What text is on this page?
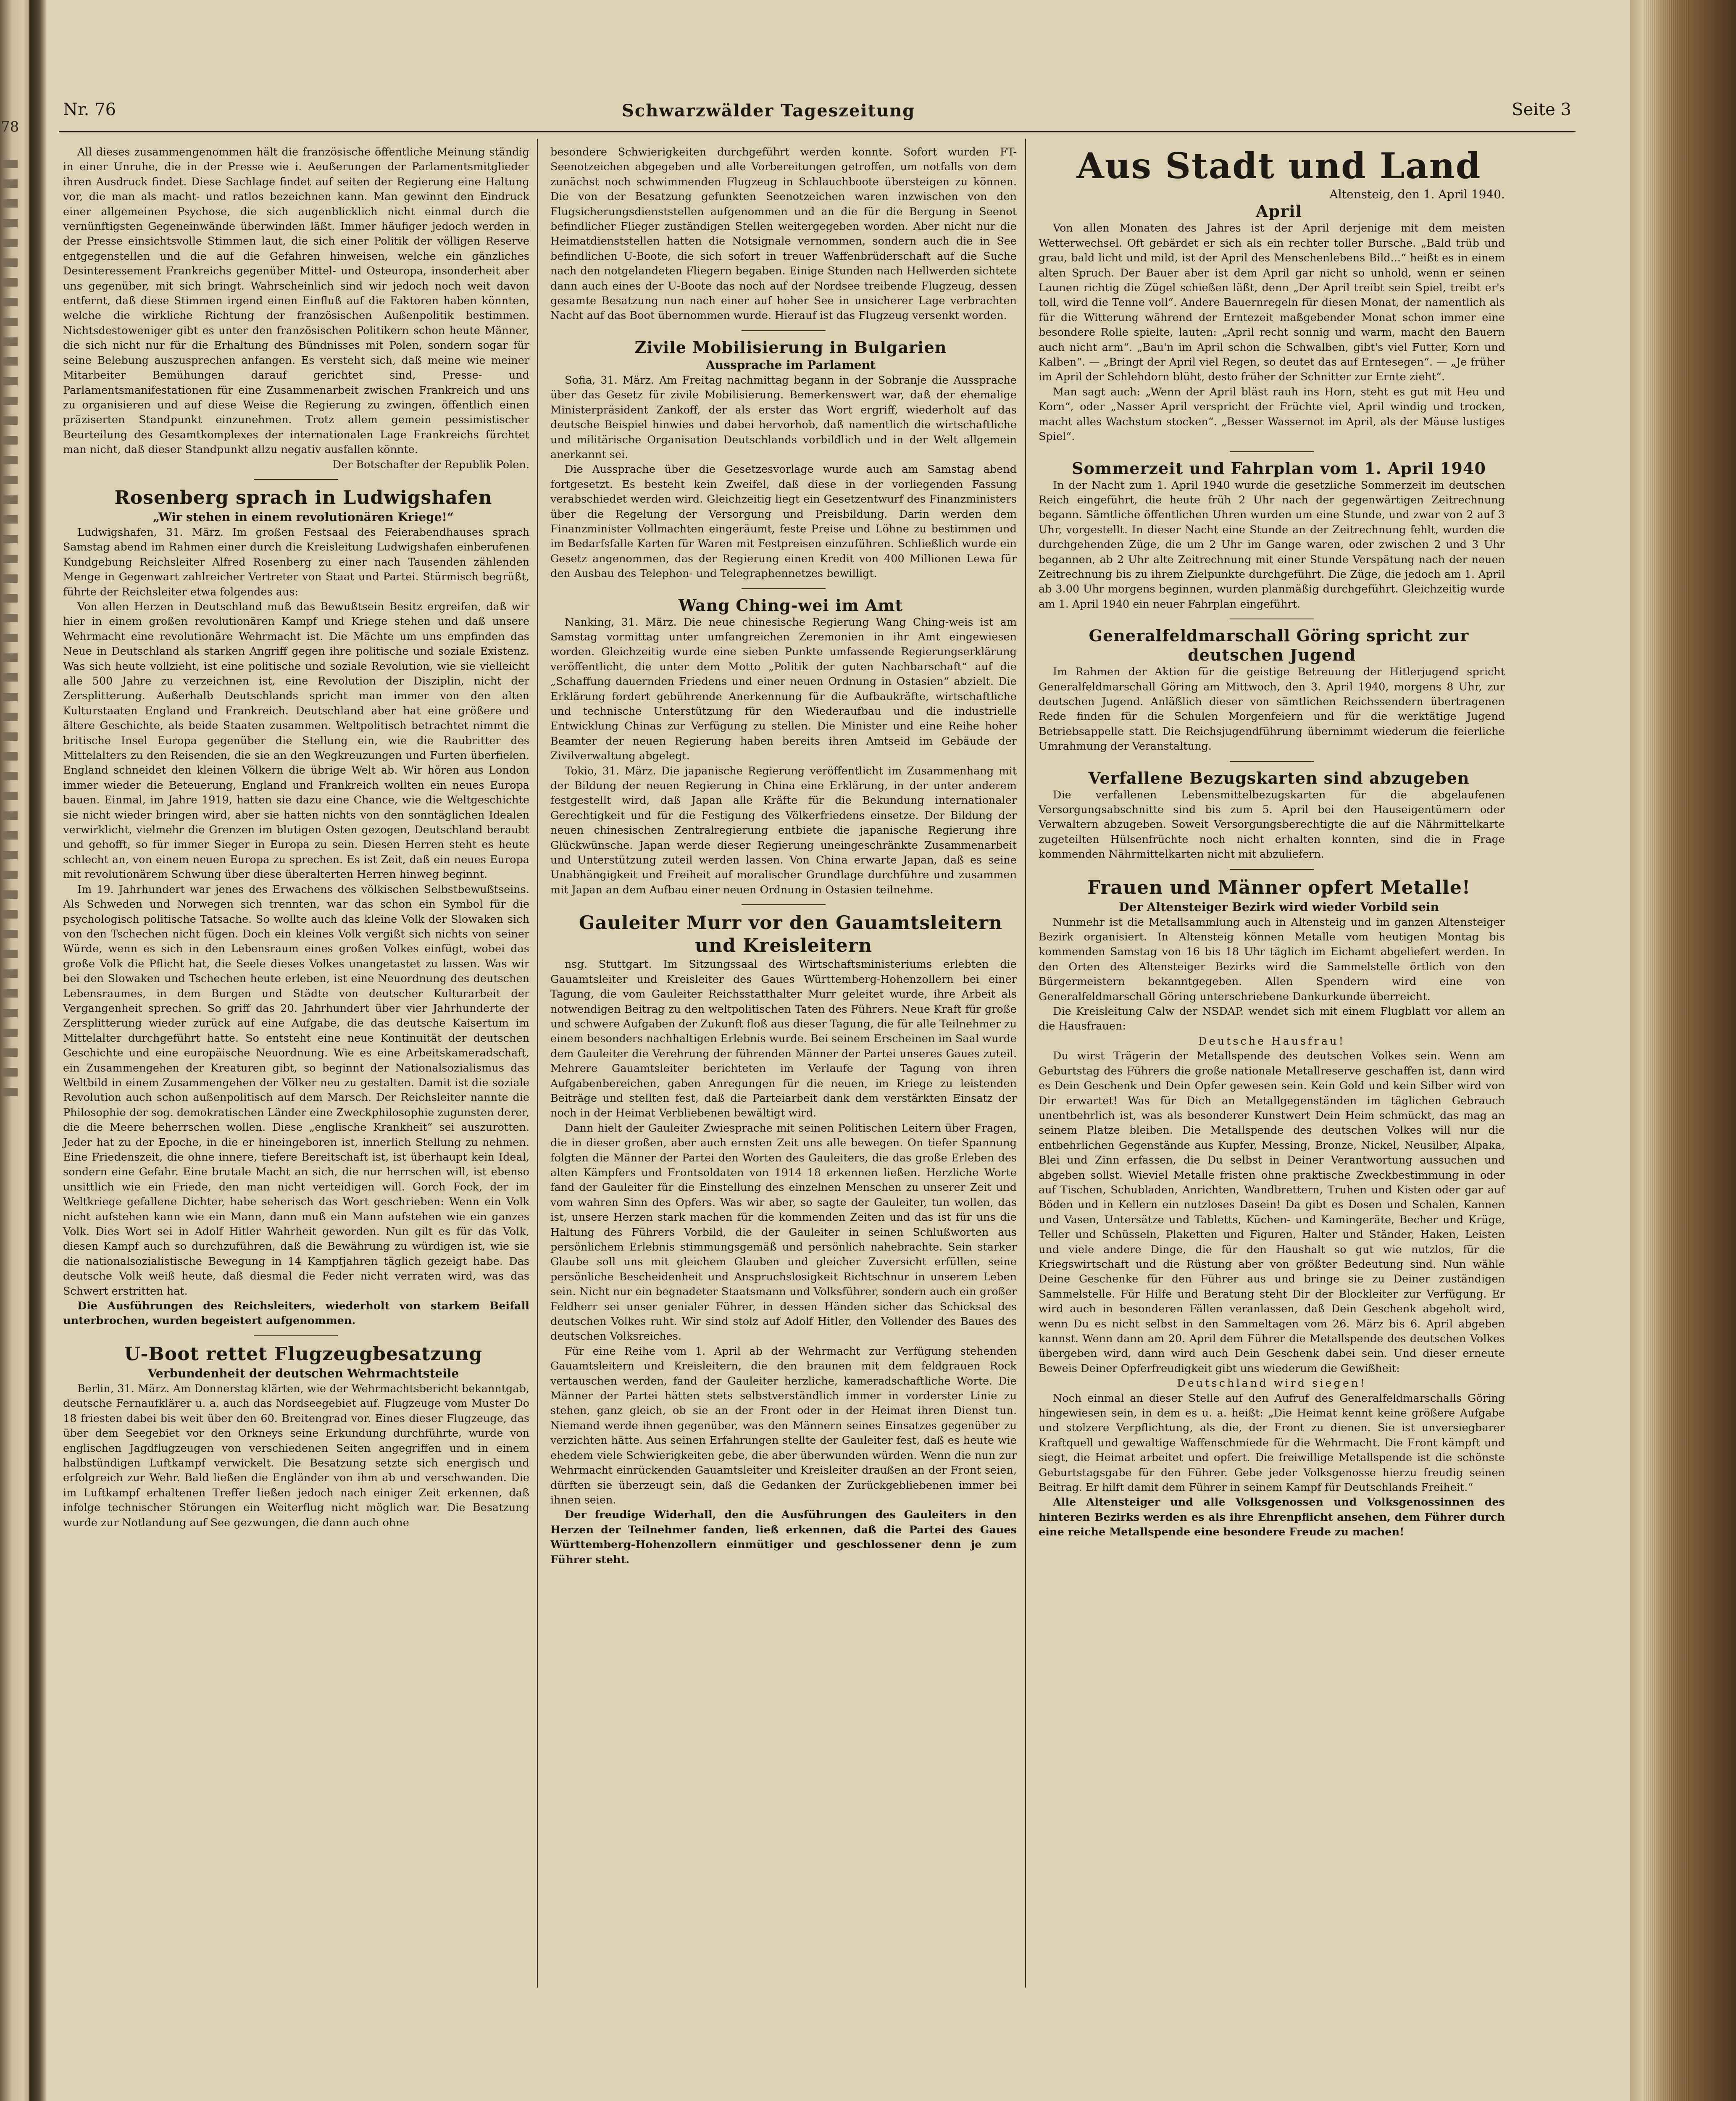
78
Nr. 76	Schwarzwälder Tageszeitung	Seite 3

All dieses zusammengenommen hält die französische öffentliche Meinung ständig in einer Unruhe, die in der Presse wie i. Aeußerungen der Parlamentsmitglieder ihren Ausdruck findet. Diese Sachlage findet auf seiten der Regierung eine Haltung vor, die man als macht- und ratlos bezeichnen kann. Man gewinnt den Eindruck einer allgemeinen Psychose, die sich augenblicklich nicht einmal durch die vernünftigsten Gegeneinwände überwinden läßt. Immer häufiger jedoch werden in der Presse einsichtsvolle Stimmen laut, die sich einer Politik der völligen Reserve entgegenstellen und die auf die Gefahren hinweisen, welche ein gänzliches Desinteressement Frankreichs gegenüber Mittel- und Osteuropa, insonderheit aber uns gegenüber, mit sich bringt. Wahrscheinlich sind wir jedoch noch weit davon entfernt, daß diese Stimmen irgend einen Einfluß auf die Faktoren haben könnten, welche die wirkliche Richtung der französischen Außenpolitik bestimmen. Nichtsdestoweniger gibt es unter den französischen Politikern schon heute Männer, die sich nicht nur für die Erhaltung des Bündnisses mit Polen, sondern sogar für seine Belebung auszusprechen anfangen. Es versteht sich, daß meine wie meiner Mitarbeiter Bemühungen darauf gerichtet sind, Presse- und Parlamentsmanifestationen für eine Zusammenarbeit zwischen Frankreich und uns zu organisieren und auf diese Weise die Regierung zu zwingen, öffentlich einen präziserten Standpunkt einzunehmen. Trotz allem gemein pessimistischer Beurteilung des Gesamtkomplexes der internationalen Lage Frankreichs fürchtet man nicht, daß dieser Standpunkt allzu negativ ausfallen könnte.

Der Botschafter der Republik Polen.

Rosenberg sprach in Ludwigshafen

„Wir stehen in einem revolutionären Kriege!“

Ludwigshafen, 31. März. Im großen Festsaal des Feierabendhauses sprach Samstag abend im Rahmen einer durch die Kreisleitung Ludwigshafen einberufenen Kundgebung Reichsleiter Alfred Rosenberg zu einer nach Tausenden zählenden Menge in Gegenwart zahlreicher Vertreter von Staat und Partei. Stürmisch begrüßt, führte der Reichsleiter etwa folgendes aus:

Von allen Herzen in Deutschland muß das Bewußtsein Besitz ergreifen, daß wir hier in einem großen revolutionären Kampf und Kriege stehen und daß unsere Wehrmacht eine revolutionäre Wehrmacht ist. Die Mächte um uns empfinden das Neue in Deutschland als starken Angriff gegen ihre politische und soziale Existenz. Was sich heute vollzieht, ist eine politische und soziale Revolution, wie sie vielleicht alle 500 Jahre zu verzeichnen ist, eine Revolution der Disziplin, nicht der Zersplitterung. Außerhalb Deutschlands spricht man immer von den alten Kulturstaaten England und Frankreich. Deutschland aber hat eine größere und ältere Geschichte, als beide Staaten zusammen. Weltpolitisch betrachtet nimmt die britische Insel Europa gegenüber die Stellung ein, wie die Raubritter des Mittelalters zu den Reisenden, die sie an den Wegkreuzungen und Furten überfielen. England schneidet den kleinen Völkern die übrige Welt ab. Wir hören aus London immer wieder die Beteuerung, England und Frankreich wollten ein neues Europa bauen. Einmal, im Jahre 1919, hatten sie dazu eine Chance, wie die Weltgeschichte sie nicht wieder bringen wird, aber sie hatten nichts von den sonntäglichen Idealen verwirklicht, vielmehr die Grenzen im blutigen Osten gezogen, Deutschland beraubt und gehofft, so für immer Sieger in Europa zu sein. Diesen Herren steht es heute schlecht an, von einem neuen Europa zu sprechen. Es ist Zeit, daß ein neues Europa mit revolutionärem Schwung über diese überalterten Herren hinweg beginnt.

Im 19. Jahrhundert war jenes des Erwachens des völkischen Selbstbewußtseins. Als Schweden und Norwegen sich trennten, war das schon ein Symbol für die psychologisch politische Tatsache. So wollte auch das kleine Volk der Slowaken sich von den Tschechen nicht fügen. Doch ein kleines Volk vergißt sich nichts von seiner Würde, wenn es sich in den Lebensraum eines großen Volkes einfügt, wobei das große Volk die Pflicht hat, die Seele dieses Volkes unangetastet zu lassen. Was wir bei den Slowaken und Tschechen heute erleben, ist eine Neuordnung des deutschen Lebensraumes, in dem Burgen und Städte von deutscher Kulturarbeit der Vergangenheit sprechen. So griff das 20. Jahrhundert über vier Jahrhunderte der Zersplitterung wieder zurück auf eine Aufgabe, die das deutsche Kaisertum im Mittelalter durchgeführt hatte. So entsteht eine neue Kontinuität der deutschen Geschichte und eine europäische Neuordnung. Wie es eine Arbeitskameradschaft, ein Zusammengehen der Kreaturen gibt, so beginnt der Nationalsozialismus das Weltbild in einem Zusammengehen der Völker neu zu gestalten. Damit ist die soziale Revolution auch schon außenpolitisch auf dem Marsch. Der Reichsleiter nannte die Philosophie der sog. demokratischen Länder eine Zweckphilosophie zugunsten derer, die die Meere beherrschen wollen. Diese „englische Krankheit“ sei auszurotten. Jeder hat zu der Epoche, in die er hineingeboren ist, innerlich Stellung zu nehmen. Eine Friedenszeit, die ohne innere, tiefere Bereitschaft ist, ist überhaupt kein Ideal, sondern eine Gefahr. Eine brutale Macht an sich, die nur herrschen will, ist ebenso unsittlich wie ein Friede, den man nicht verteidigen will. Gorch Fock, der im Weltkriege gefallene Dichter, habe seherisch das Wort geschrieben: Wenn ein Volk nicht aufstehen kann wie ein Mann, dann muß ein Mann aufstehen wie ein ganzes Volk. Dies Wort sei in Adolf Hitler Wahrheit geworden. Nun gilt es für das Volk, diesen Kampf auch so durchzuführen, daß die Bewährung zu würdigen ist, wie sie die nationalsozialistische Bewegung in 14 Kampfjahren täglich gezeigt habe. Das deutsche Volk weiß heute, daß diesmal die Feder nicht verraten wird, was das Schwert erstritten hat.

Die Ausführungen des Reichsleiters, wiederholt von starkem Beifall unterbrochen, wurden begeistert aufgenommen.

U-Boot rettet Flugzeugbesatzung

Verbundenheit der deutschen Wehrmachtsteile

Berlin, 31. März. Am Donnerstag klärten, wie der Wehrmachtsbericht bekanntgab, deutsche Fernaufklärer u. a. auch das Nordseegebiet auf. Flugzeuge vom Muster Do 18 friesten dabei bis weit über den 60. Breitengrad vor. Eines dieser Flugzeuge, das über dem Seegebiet vor den Orkneys seine Erkundung durchführte, wurde von englischen Jagdflugzeugen von verschiedenen Seiten angegriffen und in einem halbstündigen Luftkampf verwickelt. Die Besatzung setzte sich energisch und erfolgreich zur Wehr. Bald ließen die Engländer von ihm ab und verschwanden. Die im Luftkampf erhaltenen Treffer ließen jedoch nach einiger Zeit erkennen, daß infolge technischer Störungen ein Weiterflug nicht möglich war. Die Besatzung wurde zur Notlandung auf See gezwungen, die dann auch ohne

besondere Schwierigkeiten durchgeführt werden konnte. Sofort wurden FT-Seenotzeichen abgegeben und alle Vorbereitungen getroffen, um notfalls von dem zunächst noch schwimmenden Flugzeug in Schlauchboote übersteigen zu können. Die von der Besatzung gefunkten Seenotzeichen waren inzwischen von den Flugsicherungsdienststellen aufgenommen und an die für die Bergung in Seenot befindlicher Flieger zuständigen Stellen weitergegeben worden. Aber nicht nur die Heimatdienststellen hatten die Notsignale vernommen, sondern auch die in See befindlichen U-Boote, die sich sofort in treuer Waffenbrüderschaft auf die Suche nach den notgelandeten Fliegern begaben. Einige Stunden nach Hellwerden sichtete dann auch eines der U-Boote das noch auf der Nordsee treibende Flugzeug, dessen gesamte Besatzung nun nach einer auf hoher See in unsicherer Lage verbrachten Nacht auf das Boot übernommen wurde. Hierauf ist das Flugzeug versenkt worden.

Zivile Mobilisierung in Bulgarien

Aussprache im Parlament

Sofia, 31. März. Am Freitag nachmittag begann in der Sobranje die Aussprache über das Gesetz für zivile Mobilisierung. Bemerkenswert war, daß der ehemalige Ministerpräsident Zankoff, der als erster das Wort ergriff, wiederholt auf das deutsche Beispiel hinwies und dabei hervorhob, daß namentlich die wirtschaftliche und militärische Organisation Deutschlands vorbildlich und in der Welt allgemein anerkannt sei.

Die Aussprache über die Gesetzesvorlage wurde auch am Samstag abend fortgesetzt. Es besteht kein Zweifel, daß diese in der vorliegenden Fassung verabschiedet werden wird. Gleichzeitig liegt ein Gesetzentwurf des Finanzministers über die Regelung der Versorgung und Preisbildung. Darin werden dem Finanzminister Vollmachten eingeräumt, feste Preise und Löhne zu bestimmen und im Bedarfsfalle Karten für Waren mit Festpreisen einzuführen. Schließlich wurde ein Gesetz angenommen, das der Regierung einen Kredit von 400 Millionen Lewa für den Ausbau des Telephon- und Telegraphennetzes bewilligt.

Wang Ching-wei im Amt

Nanking, 31. März. Die neue chinesische Regierung Wang Ching-weis ist am Samstag vormittag unter umfangreichen Zeremonien in ihr Amt eingewiesen worden. Gleichzeitig wurde eine sieben Punkte umfassende Regierungserklärung veröffentlicht, die unter dem Motto „Politik der guten Nachbarschaft“ auf die „Schaffung dauernden Friedens und einer neuen Ordnung in Ostasien“ abzielt. Die Erklärung fordert gebührende Anerkennung für die Aufbaukräfte, wirtschaftliche und technische Unterstützung für den Wiederaufbau und die industrielle Entwicklung Chinas zur Verfügung zu stellen. Die Minister und eine Reihe hoher Beamter der neuen Regierung haben bereits ihren Amtseid im Gebäude der Zivilverwaltung abgelegt.

Tokio, 31. März. Die japanische Regierung veröffentlicht im Zusammenhang mit der Bildung der neuen Regierung in China eine Erklärung, in der unter anderem festgestellt wird, daß Japan alle Kräfte für die Bekundung internationaler Gerechtigkeit und für die Festigung des Völkerfriedens einsetze. Der Bildung der neuen chinesischen Zentralregierung entbiete die japanische Regierung ihre Glückwünsche. Japan werde dieser Regierung uneingeschränkte Zusammenarbeit und Unterstützung zuteil werden lassen. Von China erwarte Japan, daß es seine Unabhängigkeit und Freiheit auf moralischer Grundlage durchführe und zusammen mit Japan an dem Aufbau einer neuen Ordnung in Ostasien teilnehme.

Gauleiter Murr vor den Gauamtsleitern und Kreisleitern

nsg. Stuttgart. Im Sitzungssaal des Wirtschaftsministeriums erlebten die Gauamtsleiter und Kreisleiter des Gaues Württemberg-Hohenzollern bei einer Tagung, die vom Gauleiter Reichsstatthalter Murr geleitet wurde, ihre Arbeit als notwendigen Beitrag zu den weltpolitischen Taten des Führers. Neue Kraft für große und schwere Aufgaben der Zukunft floß aus dieser Tagung, die für alle Teilnehmer zu einem besonders nachhaltigen Erlebnis wurde. Bei seinem Erscheinen im Saal wurde dem Gauleiter die Verehrung der führenden Männer der Partei unseres Gaues zuteil. Mehrere Gauamtsleiter berichteten im Verlaufe der Tagung von ihren Aufgabenbereichen, gaben Anregungen für die neuen, im Kriege zu leistenden Beiträge und stellten fest, daß die Parteiarbeit dank dem verstärkten Einsatz der noch in der Heimat Verbliebenen bewältigt wird.

Dann hielt der Gauleiter Zwiesprache mit seinen Politischen Leitern über Fragen, die in dieser großen, aber auch ernsten Zeit uns alle bewegen. On tiefer Spannung folgten die Männer der Partei den Worten des Gauleiters, die das große Erleben des alten Kämpfers und Frontsoldaten von 1914 18 erkennen ließen. Herzliche Worte fand der Gauleiter für die Einstellung des einzelnen Menschen zu unserer Zeit und vom wahren Sinn des Opfers. Was wir aber, so sagte der Gauleiter, tun wollen, das ist, unsere Herzen stark machen für die kommenden Zeiten und das ist für uns die Haltung des Führers Vorbild, die der Gauleiter in seinen Schlußworten aus persönlichem Erlebnis stimmungsgemäß und persönlich nahebrachte. Sein starker Glaube soll uns mit gleichem Glauben und gleicher Zuversicht erfüllen, seine persönliche Bescheidenheit und Anspruchslosigkeit Richtschnur in unserem Leben sein. Nicht nur ein begnadeter Staatsmann und Volksführer, sondern auch ein großer Feldherr sei unser genialer Führer, in dessen Händen sicher das Schicksal des deutschen Volkes ruht. Wir sind stolz auf Adolf Hitler, den Vollender des Baues des deutschen Volksreiches.

Für eine Reihe vom 1. April ab der Wehrmacht zur Verfügung stehenden Gauamtsleitern und Kreisleitern, die den braunen mit dem feldgrauen Rock vertauschen werden, fand der Gauleiter herzliche, kameradschaftliche Worte. Die Männer der Partei hätten stets selbstverständlich immer in vorderster Linie zu stehen, ganz gleich, ob sie an der Front oder in der Heimat ihren Dienst tun. Niemand werde ihnen gegenüber, was den Männern seines Einsatzes gegenüber zu verzichten hätte. Aus seinen Erfahrungen stellte der Gauleiter fest, daß es heute wie ehedem viele Schwierigkeiten gebe, die aber überwunden würden. Wenn die nun zur Wehrmacht einrückenden Gauamtsleiter und Kreisleiter draußen an der Front seien, dürften sie überzeugt sein, daß die Gedanken der Zurückgebliebenen immer bei ihnen seien.

Der freudige Widerhall, den die Ausführungen des Gauleiters in den Herzen der Teilnehmer fanden, ließ erkennen, daß die Partei des Gaues Württemberg-Hohenzollern einmütiger und geschlossener denn je zum Führer steht.

Aus Stadt und Land

Altensteig, den 1. April 1940.

April

Von allen Monaten des Jahres ist der April derjenige mit dem meisten Wetterwechsel. Oft gebärdet er sich als ein rechter toller Bursche. „Bald trüb und grau, bald licht und mild, ist der April des Menschenlebens Bild...“ heißt es in einem alten Spruch. Der Bauer aber ist dem April gar nicht so unhold, wenn er seinen Launen richtig die Zügel schießen läßt, denn „Der April treibt sein Spiel, treibt er's toll, wird die Tenne voll“. Andere Bauernregeln für diesen Monat, der namentlich als für die Witterung während der Erntezeit maßgebender Monat schon immer eine besondere Rolle spielte, lauten: „April recht sonnig und warm, macht den Bauern auch nicht arm“. „Bau'n im April schon die Schwalben, gibt's viel Futter, Korn und Kalben“. — „Bringt der April viel Regen, so deutet das auf Erntesegen“. — „Je früher im April der Schlehdorn blüht, desto früher der Schnitter zur Ernte zieht“.

Man sagt auch: „Wenn der April bläst rauh ins Horn, steht es gut mit Heu und Korn“, oder „Nasser April verspricht der Früchte viel, April windig und trocken, macht alles Wachstum stocken“. „Besser Wassernot im April, als der Mäuse lustiges Spiel“.

Sommerzeit und Fahrplan vom 1. April 1940

In der Nacht zum 1. April 1940 wurde die gesetzliche Sommerzeit im deutschen Reich eingeführt, die heute früh 2 Uhr nach der gegenwärtigen Zeitrechnung begann. Sämtliche öffentlichen Uhren wurden um eine Stunde, und zwar von 2 auf 3 Uhr, vorgestellt. In dieser Nacht eine Stunde an der Zeitrechnung fehlt, wurden die durchgehenden Züge, die um 2 Uhr im Gange waren, oder zwischen 2 und 3 Uhr begannen, ab 2 Uhr alte Zeitrechnung mit einer Stunde Verspätung nach der neuen Zeitrechnung bis zu ihrem Zielpunkte durchgeführt. Die Züge, die jedoch am 1. April ab 3.00 Uhr morgens beginnen, wurden planmäßig durchgeführt. Gleichzeitig wurde am 1. April 1940 ein neuer Fahrplan eingeführt.

Generalfeldmarschall Göring spricht zur deutschen Jugend

Im Rahmen der Aktion für die geistige Betreuung der Hitlerjugend spricht Generalfeldmarschall Göring am Mittwoch, den 3. April 1940, morgens 8 Uhr, zur deutschen Jugend. Anläßlich dieser von sämtlichen Reichssendern übertragenen Rede finden für die Schulen Morgenfeiern und für die werktätige Jugend Betriebsappelle statt. Die Reichsjugendführung übernimmt wiederum die feierliche Umrahmung der Veranstaltung.

Verfallene Bezugskarten sind abzugeben

Die verfallenen Lebensmittelbezugskarten für die abgelaufenen Versorgungsabschnitte sind bis zum 5. April bei den Hauseigentümern oder Verwaltern abzugeben. Soweit Versorgungsberechtigte die auf die Nährmittelkarte zugeteilten Hülsenfrüchte noch nicht erhalten konnten, sind die in Frage kommenden Nährmittelkarten nicht mit abzuliefern.

Frauen und Männer opfert Metalle!

Der Altensteiger Bezirk wird wieder Vorbild sein

Nunmehr ist die Metallsammlung auch in Altensteig und im ganzen Altensteiger Bezirk organisiert. In Altensteig können Metalle vom heutigen Montag bis kommenden Samstag von 16 bis 18 Uhr täglich im Eichamt abgeliefert werden. In den Orten des Altensteiger Bezirks wird die Sammelstelle örtlich von den Bürgermeistern bekanntgegeben. Allen Spendern wird eine von Generalfeldmarschall Göring unterschriebene Dankurkunde überreicht.

Die Kreisleitung Calw der NSDAP. wendet sich mit einem Flugblatt vor allem an die Hausfrauen:

Deutsche Hausfrau!

Du wirst Trägerin der Metallspende des deutschen Volkes sein. Wenn am Geburtstag des Führers die große nationale Metallreserve geschaffen ist, dann wird es Dein Geschenk und Dein Opfer gewesen sein. Kein Gold und kein Silber wird von Dir erwartet! Was für Dich an Metallgegenständen im täglichen Gebrauch unentbehrlich ist, was als besonderer Kunstwert Dein Heim schmückt, das mag an seinem Platze bleiben. Die Metallspende des deutschen Volkes will nur die entbehrlichen Gegenstände aus Kupfer, Messing, Bronze, Nickel, Neusilber, Alpaka, Blei und Zinn erfassen, die Du selbst in Deiner Verantwortung aussuchen und abgeben sollst. Wieviel Metalle fristen ohne praktische Zweckbestimmung in oder auf Tischen, Schubladen, Anrichten, Wandbrettern, Truhen und Kisten oder gar auf Böden und in Kellern ein nutzloses Dasein! Da gibt es Dosen und Schalen, Kannen und Vasen, Untersätze und Tabletts, Küchen- und Kamingeräte, Becher und Krüge, Teller und Schüsseln, Plaketten und Figuren, Halter und Ständer, Haken, Leisten und viele andere Dinge, die für den Haushalt so gut wie nutzlos, für die Kriegswirtschaft und die Rüstung aber von größter Bedeutung sind. Nun wähle Deine Geschenke für den Führer aus und bringe sie zu Deiner zuständigen Sammelstelle. Für Hilfe und Beratung steht Dir der Blockleiter zur Verfügung. Er wird auch in besonderen Fällen veranlassen, daß Dein Geschenk abgeholt wird, wenn Du es nicht selbst in den Sammeltagen vom 26. März bis 6. April abgeben kannst. Wenn dann am 20. April dem Führer die Metallspende des deutschen Volkes übergeben wird, dann wird auch Dein Geschenk dabei sein. Und dieser erneute Beweis Deiner Opferfreudigkeit gibt uns wiederum die Gewißheit:

Deutschland wird siegen!

Noch einmal an dieser Stelle auf den Aufruf des Generalfeldmarschalls Göring hingewiesen sein, in dem es u. a. heißt: „Die Heimat kennt keine größere Aufgabe und stolzere Verpflichtung, als die, der Front zu dienen. Sie ist unversiegbarer Kraftquell und gewaltige Waffenschmiede für die Wehrmacht. Die Front kämpft und siegt, die Heimat arbeitet und opfert. Die freiwillige Metallspende ist die schönste Geburtstagsgabe für den Führer. Gebe jeder Volksgenosse hierzu freudig seinen Beitrag. Er hilft damit dem Führer in seinem Kampf für Deutschlands Freiheit.“

Alle Altensteiger und alle Volksgenossen und Volksgenossinnen des hinteren Bezirks werden es als ihre Ehrenpflicht ansehen, dem Führer durch eine reiche Metallspende eine besondere Freude zu machen!
